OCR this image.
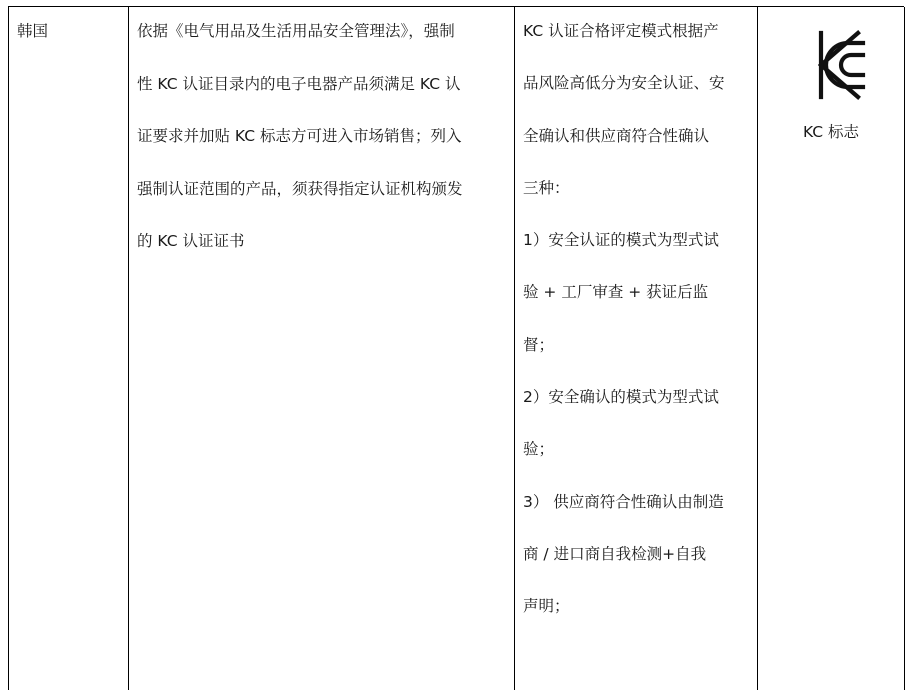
韩国	依据《电气用品及生活用品安全管理法》，强制
性 KC 认证目录内的电子电器产品须满足 KC 认
证要求并加贴 KC 标志方可进入市场销售；列入
强制认证范围的产品，须获得指定认证机构颁发
的 KC 认证证书
KC 认证合格评定模式根据产
品风险高低分为安全认证、安
全确认和供应商符合性确认
三种：
1）安全认证的模式为型式试
验 + 工厂审查 + 获证后监
督；
2）安全确认的模式为型式试
验；
3） 供应商符合性确认由制造
商 / 进口商自我检测+自我
声明；
KC 标志
